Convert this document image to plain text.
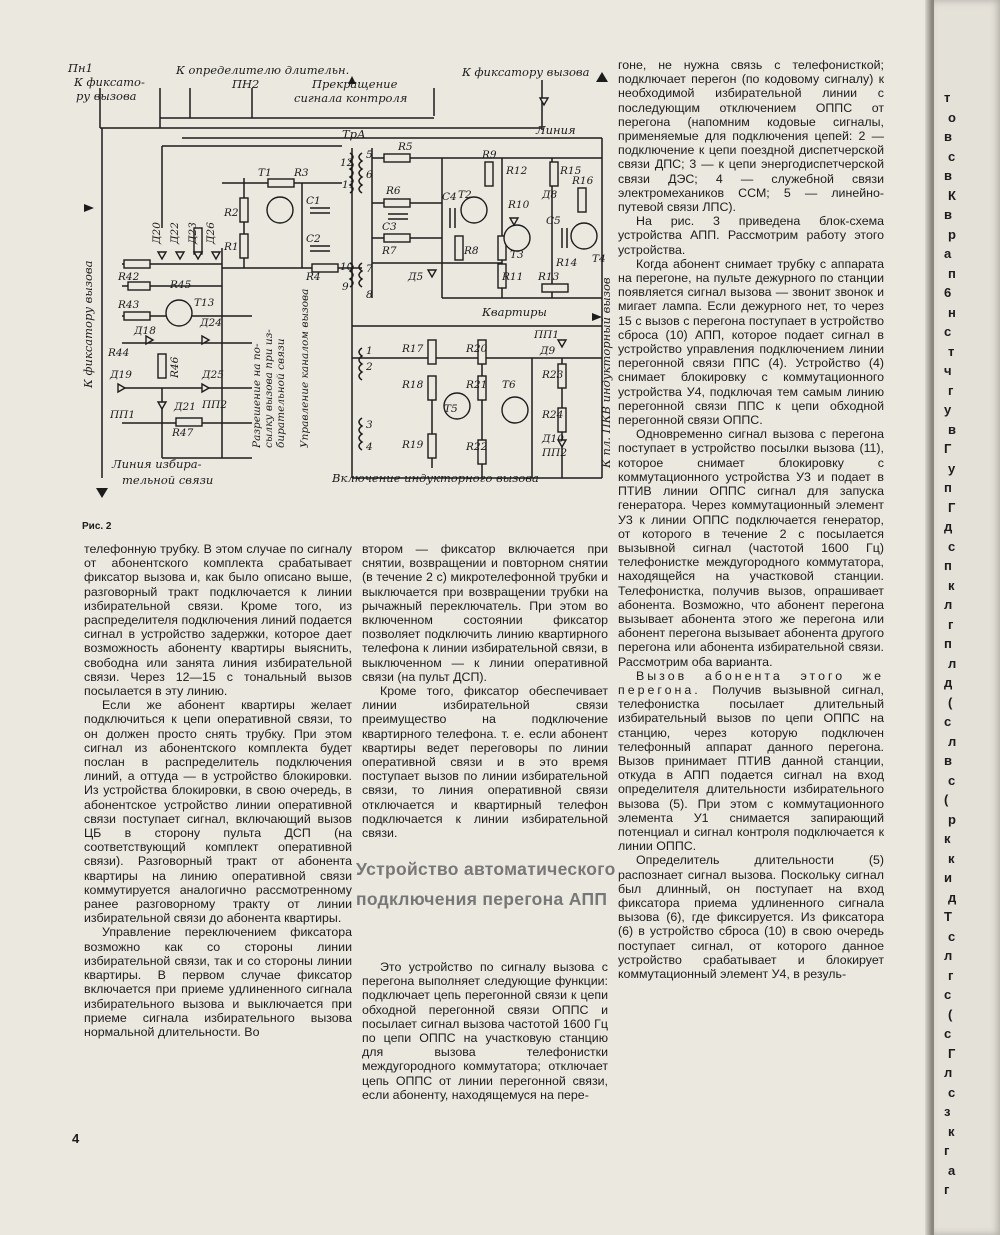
т
о
в
с
в
К
в
р
а
п
6
н
с
т
ч
г
у
в
Г
у
п
Г
д
с
п
к
л
г
п
л
д
(
с
л
в
с
(
р
к
к
и
д
Т
с
л
г
с
(
с
Г
л
с
з
к
г
а
г
Пн1
К фиксато-
ру вызова
К определителю длительн.
ПН2	Прекращение
сигнала контроля
К фиксатору вызова
Линия
ТрА
Квартиры
Линия избира-
тельной связи	Включение индукторного вызова
К фиксатору вызова
Разрешение на по- сылку вызова при из- бирательной связи Управление каналом вызова	К пл. ПКВ индукторный вызов
Т1 R3
C1
C2
R4
R2
R1
R5
R6
C3
R7
Д5
Т2
C4
R8
R9
R10
R12
Т3
R11 R13
C5
R14
R15
Д8
R16
Т4
R17
R18
R19
R20
R21
R22
R23
R24
Т5
Т6
ПП1
Д9
Д10
ПП2
Д20 Д22 Д23 Д26
R42
R45
R43	Т13
Д24
Д18
R44
R46
Д19	Д25
Д21
R47
ПП1
ПП2
12
11
5
6
10
9
7
8
1
2
3
4
Рис. 2

телефонную трубку. В этом случае по сигналу от абонентского комплекта срабатывает фиксатор вызова и, как было описано выше, разговорный тракт подключается к линии избирательной связи. Кроме того, из распределителя подключения линий подается сигнал в устройство задержки, которое дает возможность абоненту квартиры выяснить, свободна или занята линия избирательной связи. Через 12—15 с тональный вызов посылается в эту линию.

Если же абонент квартиры желает подключиться к цепи оперативной связи, то он должен просто снять трубку. При этом сигнал из абонентского комплекта будет послан в распределитель подключения линий, а оттуда — в устройство блокировки. Из устройства блокировки, в свою очередь, в абонентское устройство линии оперативной связи поступает сигнал, включающий вызов ЦБ в сторону пульта ДСП (на соответствующий комплект оперативной связи). Разговорный тракт от абонента квартиры на линию оперативной связи коммутируется аналогично рассмотренному ранее разговорному тракту от линии избирательной связи до абонента квартиры.

Управление переключением фиксатора возможно как со стороны линии избирательной связи, так и со стороны линии квартиры. В первом случае фиксатор включается при приеме удлиненного сигнала избирательного вызова и выключается при приеме сигнала избирательного вызова нормальной длительности. Во

втором — фиксатор включается при снятии, возвращении и повторном снятии (в течение 2 с) микротелефонной трубки и выключается при возвращении трубки на рычажный переключатель. При этом во включенном состоянии фиксатор позволяет подключить линию квартирного телефона к линии избирательной связи, в выключенном — к линии оперативной связи (на пульт ДСП).

Кроме того, фиксатор обеспечивает линии избирательной связи преимущество на подключение квартирного телефона. т. е. если абонент квартиры ведет переговоры по линии оперативной связи и в это время поступает вызов по линии избирательной связи, то линия оперативной связи отключается и квартирный телефон подключается к линии избирательной связи.

Устройство автоматического
подключения перегона АПП

Это устройство по сигналу вызова с перегона выполняет следующие функции: подключает цепь перегонной связи к цепи обходной перегонной связи ОППС и посылает сигнал вызова частотой 1600 Гц по цепи ОППС на участковую станцию для вызова телефонистки междугородного коммутатора; отключает цепь ОППС от линии перегонной связи, если абоненту, находящемуся на пере-

гоне, не нужна связь с телефонисткой; подключает перегон (по кодовому сигналу) к необходимой избирательной линии с последующим отключением ОППС от перегона (напомним кодовые сигналы, применяемые для подключения цепей: 2 — подключение к цепи поездной диспетчерской связи ДПС; 3 — к цепи энергодиспетчерской связи ДЭС; 4 — служебной связи электромехаников ССМ; 5 — линейно-путевой связи ЛПС).

На рис. 3 приведена блок-схема устройства АПП. Рассмотрим работу этого устройства.

Когда абонент снимает трубку с аппарата на перегоне, на пульте дежурного по станции появляется сигнал вызова — звонит звонок и мигает лампа. Если дежурного нет, то через 15 с вызов с перегона поступает в устройство сброса (10) АПП, которое подает сигнал в устройство управления подключением линии перегонной связи ППС (4). Устройство (4) снимает блокировку с коммутационного устройства У4, подключая тем самым линию перегонной связи ППС к цепи обходной перегонной связи ОППС.

Одновременно сигнал вызова с перегона поступает в устройство посылки вызова (11), которое снимает блокировку с коммутационного устройства У3 и подает в ПТИВ линии ОППС сигнал для запуска генератора. Через коммутационный элемент У3 к линии ОППС подключается генератор, от которого в течение 2 с посылается вызывной сигнал (частотой 1600 Гц) телефонистке междугородного коммутатора, находящейся на участковой станции. Телефонистка, получив вызов, опрашивает абонента. Возможно, что абонент перегона вызывает абонента этого же перегона или абонент перегона вызывает абонента другого перегона или абонента избирательной связи. Рассмотрим оба варианта.

Вызов абонента этого же перегона. Получив вызывной сигнал, телефонистка посылает длительный избирательный вызов по цепи ОППС на станцию, через которую подключен телефонный аппарат данного перегона. Вызов принимает ПТИВ данной станции, откуда в АПП подается сигнал на вход определителя длительности избирательного вызова (5). При этом с коммутационного элемента У1 снимается запирающий потенциал и сигнал контроля подключается к линии ОППС.

Определитель длительности (5) распознает сигнал вызова. Поскольку сигнал был длинный, он поступает на вход фиксатора приема удлиненного сигнала вызова (6), где фиксируется. Из фиксатора (6) в устройство сброса (10) в свою очередь поступает сигнал, от которого данное устройство срабатывает и блокирует коммутационный элемент У4, в резуль-

4
